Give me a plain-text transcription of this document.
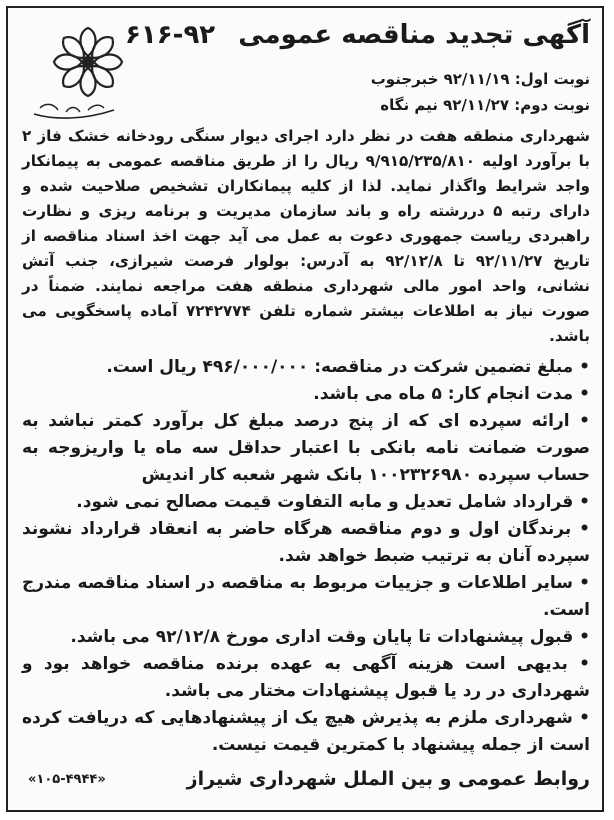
آگهی تجدید مناقصه عمومی ۹۲-۶۱۶
نوبت اول: ۹۲/۱۱/۱۹ خبرجنوب
نوبت دوم: ۹۲/۱۱/۲۷ نیم نگاه

شهرداری منطقه هفت در نظر دارد اجرای دیوار سنگی رودخانه خشک فاز ۲ با برآورد اولیه ۹/۹۱۵/۲۳۵/۸۱۰ ریال را از طریق مناقصه عمومی به پیمانکار واجد شرایط واگذار نماید. لذا از کلیه پیمانکاران تشخیص صلاحیت شده و دارای رتبه ۵ دررشته راه و باند سازمان مدیریت و برنامه ریزی و نظارت راهبردی ریاست جمهوری دعوت به عمل می آید جهت اخذ اسناد مناقصه از تاریخ ۹۲/۱۱/۲۷ تا ۹۲/۱۲/۸ به آدرس: بولوار فرصت شیرازی، جنب آتش نشانی، واحد امور مالی شهرداری منطقه هفت مراجعه نمایند. ضمناً در صورت نیاز به اطلاعات بیشتر شماره تلفن ۷۲۴۲۷۷۴ آماده پاسخگویی می باشد.

• مبلغ تضمین شرکت در مناقصه: ۴۹۶/۰۰۰/۰۰۰ ریال است.
• مدت انجام کار: ۵ ماه می باشد.
• ارائه سپرده ای که از پنج درصد مبلغ کل برآورد کمتر نباشد به صورت ضمانت نامه بانکی با اعتبار حداقل سه ماه یا واریزوجه به حساب سپرده ۱۰۰۲۳۲۶۹۸۰ بانک شهر شعبه کار اندیش
• قرارداد شامل تعدیل و مابه التفاوت قیمت مصالح نمی شود.
• برندگان اول و دوم مناقصه هرگاه حاضر به انعقاد قرارداد نشوند سپرده آنان به ترتیب ضبط خواهد شد.
• سایر اطلاعات و جزییات مربوط به مناقصه در اسناد مناقصه مندرج است.
• قبول پیشنهادات تا پایان وقت اداری مورخ ۹۲/۱۲/۸ می باشد.
• بدیهی است هزینه آگهی به عهده برنده مناقصه خواهد بود و شهرداری در رد یا قبول پیشنهادات مختار می باشد.
• شهرداری ملزم به پذیرش هیچ یک از پیشنهادهایی که دریافت کرده است از جمله پیشنهاد با کمترین قیمت نیست.
روابط عمومی و بین الملل شهرداری شیراز
«۱۰۵-۴۹۴۴»
